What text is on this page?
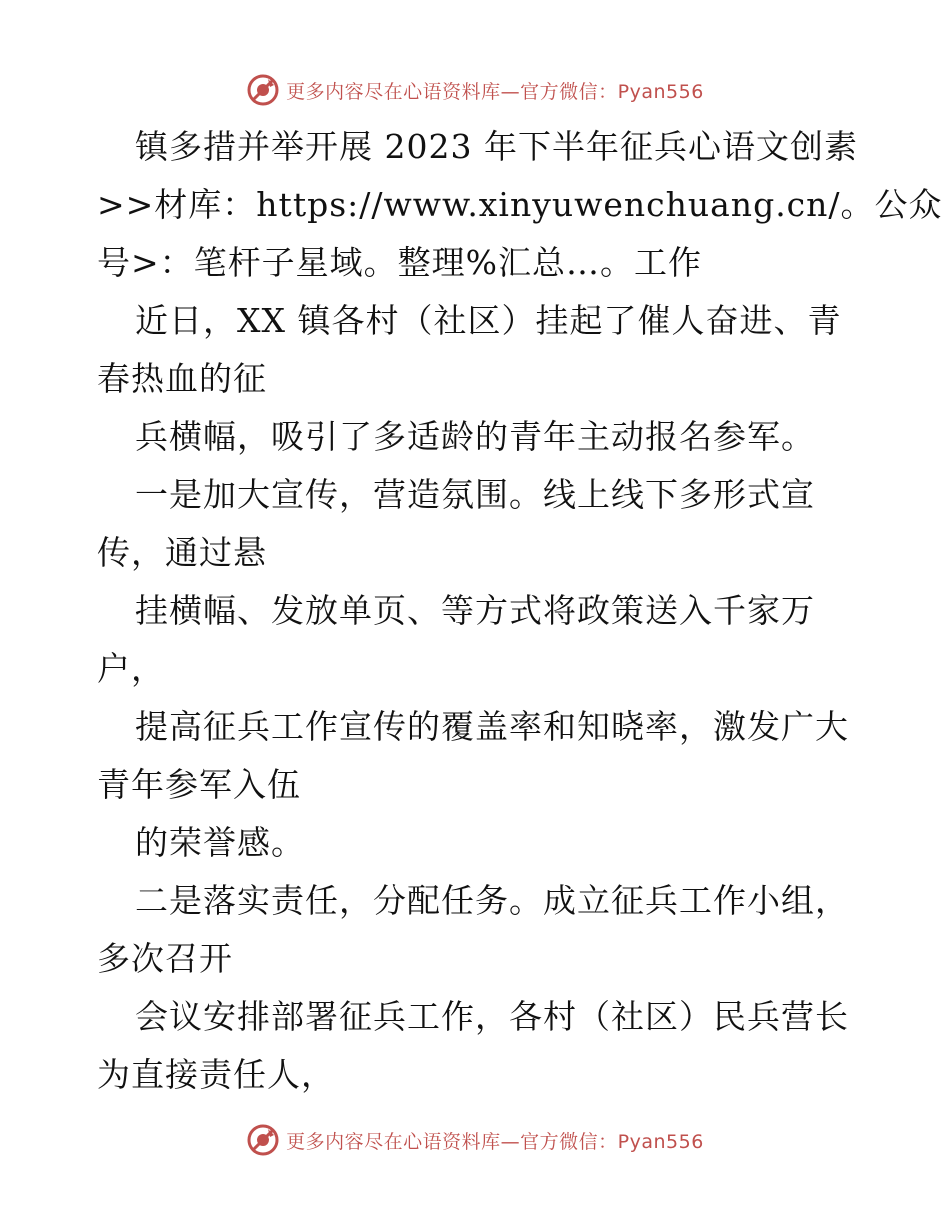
更多内容尽在心语资料库—官方微信：Pyan556
镇多措并举开展 2023 年下半年征兵心语文创素
>>材库：https://www.xinyuwenchuang.cn/。公众
号>：笔杆子星域。整理%汇总…。工作
近日，XX 镇各村（社区）挂起了催人奋进、青
春热血的征
兵横幅，吸引了多适龄的青年主动报名参军。
一是加大宣传，营造氛围。线上线下多形式宣
传，通过悬
挂横幅、发放单页、等方式将政策送入千家万
户，
提高征兵工作宣传的覆盖率和知晓率，激发广大
青年参军入伍
的荣誉感。
二是落实责任，分配任务。成立征兵工作小组，
多次召开
会议安排部署征兵工作，各村（社区）民兵营长
为直接责任人，
更多内容尽在心语资料库—官方微信：Pyan556
